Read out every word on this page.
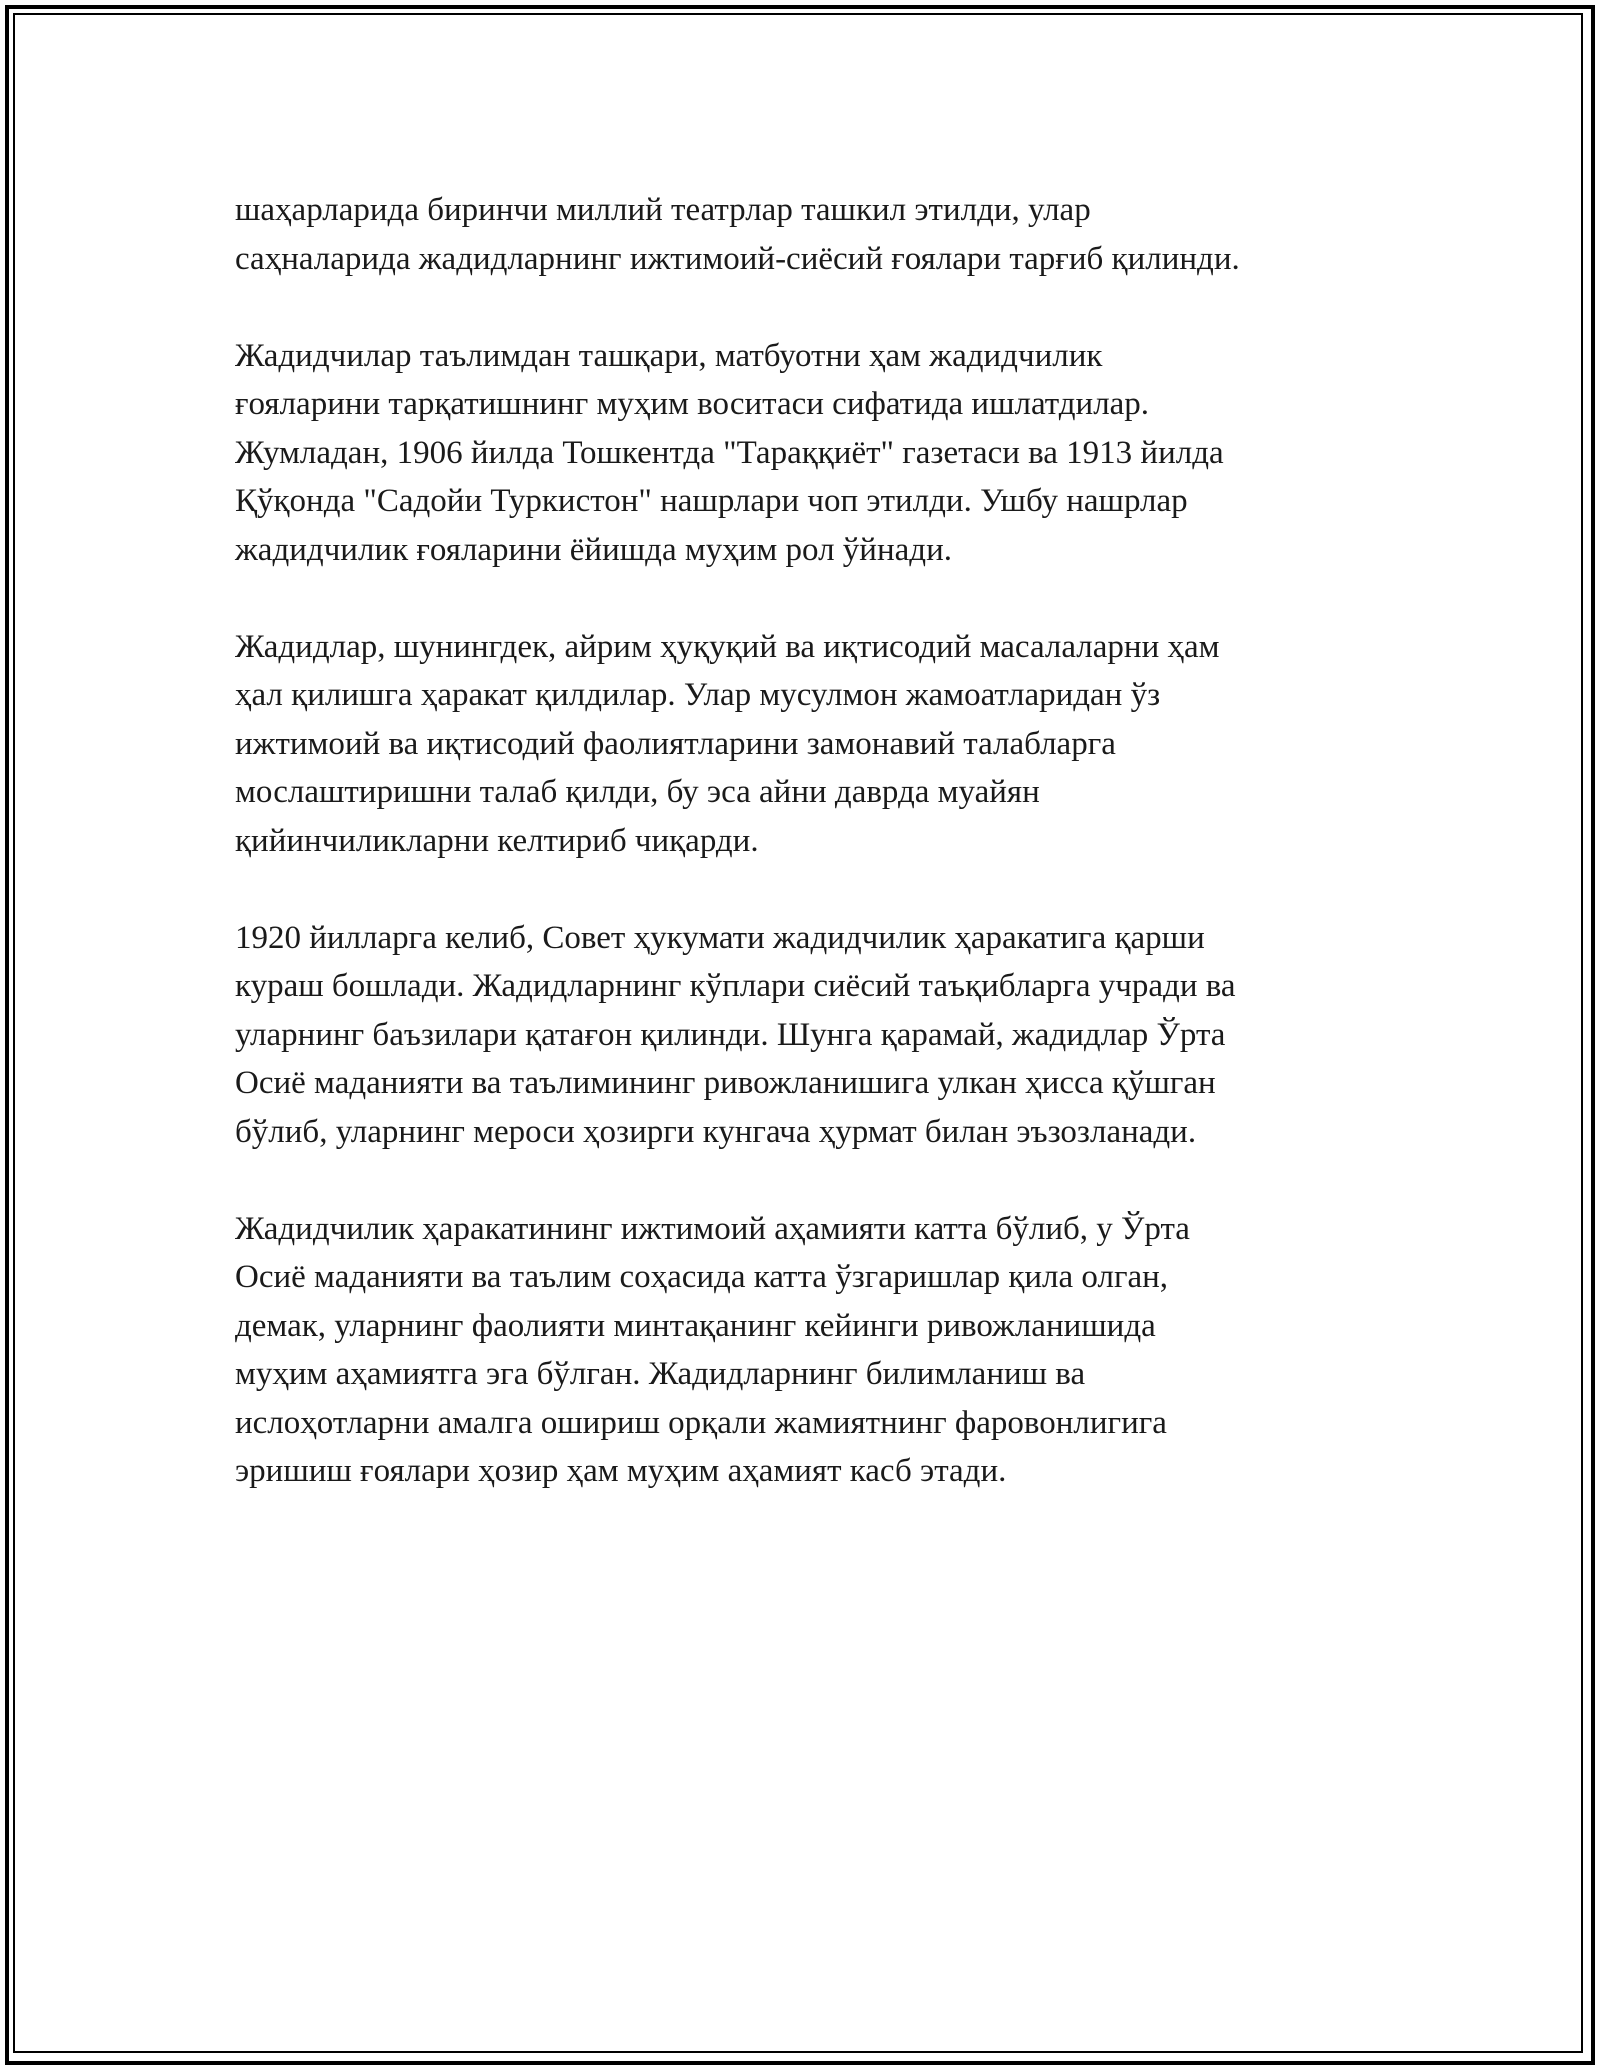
шаҳарларида биринчи миллий театрлар ташкил этилди, улар
саҳналарида жадидларнинг ижтимоий-сиёсий ғоялари тарғиб қилинди.

Жадидчилар таълимдан ташқари, матбуотни ҳам жадидчилик
ғояларини тарқатишнинг муҳим воситаси сифатида ишлатдилар.
Жумладан, 1906 йилда Тошкентда "Тараққиёт" газетаси ва 1913 йилда
Қўқонда "Садойи Туркистон" нашрлари чоп этилди. Ушбу нашрлар
жадидчилик ғояларини ёйишда муҳим рол ўйнади.

Жадидлар, шунингдек, айрим ҳуқуқий ва иқтисодий масалаларни ҳам
ҳал қилишга ҳаракат қилдилар. Улар мусулмон жамоатларидан ўз
ижтимоий ва иқтисодий фаолиятларини замонавий талабларга
мослаштиришни талаб қилди, бу эса айни даврда муайян
қийинчиликларни келтириб чиқарди.

1920 йилларга келиб, Совет ҳукумати жадидчилик ҳаракатига қарши
кураш бошлади. Жадидларнинг кўплари сиёсий таъқибларга учради ва
уларнинг баъзилари қатағон қилинди. Шунга қарамай, жадидлар Ўрта
Осиё маданияти ва таълимининг ривожланишига улкан ҳисса қўшган
бўлиб, уларнинг мероси ҳозирги кунгача ҳурмат билан эъзозланади.

Жадидчилик ҳаракатининг ижтимоий аҳамияти катта бўлиб, у Ўрта
Осиё маданияти ва таълим соҳасида катта ўзгаришлар қила олган,
демак, уларнинг фаолияти минтақанинг кейинги ривожланишида
муҳим аҳамиятга эга бўлган. Жадидларнинг билимланиш ва
ислоҳотларни амалга ошириш орқали жамиятнинг фаровонлигига
эришиш ғоялари ҳозир ҳам муҳим аҳамият касб этади.
